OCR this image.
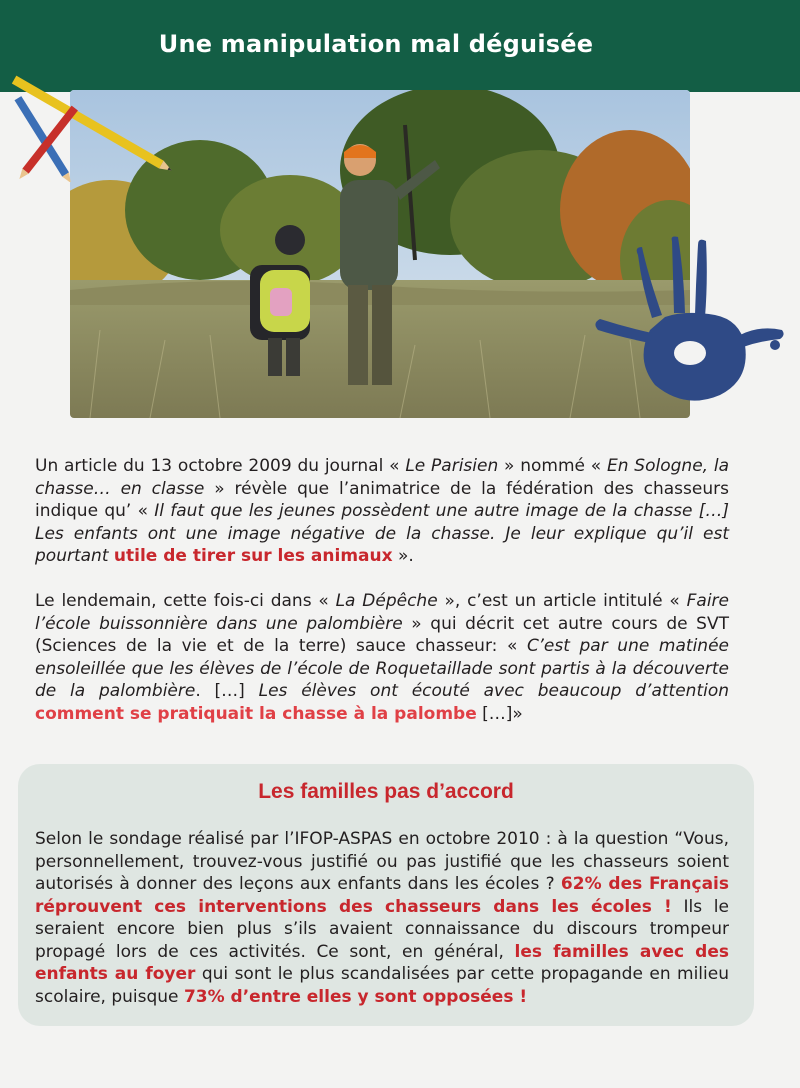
Une manipulation mal déguisée

Un article du 13 octobre 2009 du journal « Le Parisien » nommé « En Sologne, la chasse… en classe » révèle que l’animatrice de la fédération des chasseurs indique qu’ « Il faut que les jeunes possèdent une autre image de la chasse […] Les enfants ont une image négative de la chasse. Je leur explique qu’il est pourtant utile de tirer sur les animaux ».

Le lendemain, cette fois-ci dans « La Dépêche », c’est un article intitulé « Faire l’école buissonnière dans une palombière » qui décrit cet autre cours de SVT (Sciences de la vie et de la terre) sauce chasseur: « C’est par une matinée ensoleillée que les élèves de l’école de Roquetaillade sont partis à la découverte de la palombière. […] Les élèves ont écouté avec beaucoup d’attention comment se pratiquait la chasse à la palombe […]»

Les familles pas d’accord

Selon le sondage réalisé par l’IFOP-ASPAS en octobre 2010 : à la question “Vous, personnellement, trouvez-vous justifié ou pas justifié que les chasseurs soient autorisés à donner des leçons aux enfants dans les écoles ? 62% des Français réprouvent ces interventions des chasseurs dans les écoles ! Ils le seraient encore bien plus s’ils avaient connaissance du discours trompeur propagé lors de ces activités. Ce sont, en général, les familles avec des enfants au foyer qui sont le plus scandalisées par cette propagande en milieu scolaire, puisque 73% d’entre elles y sont opposées !
